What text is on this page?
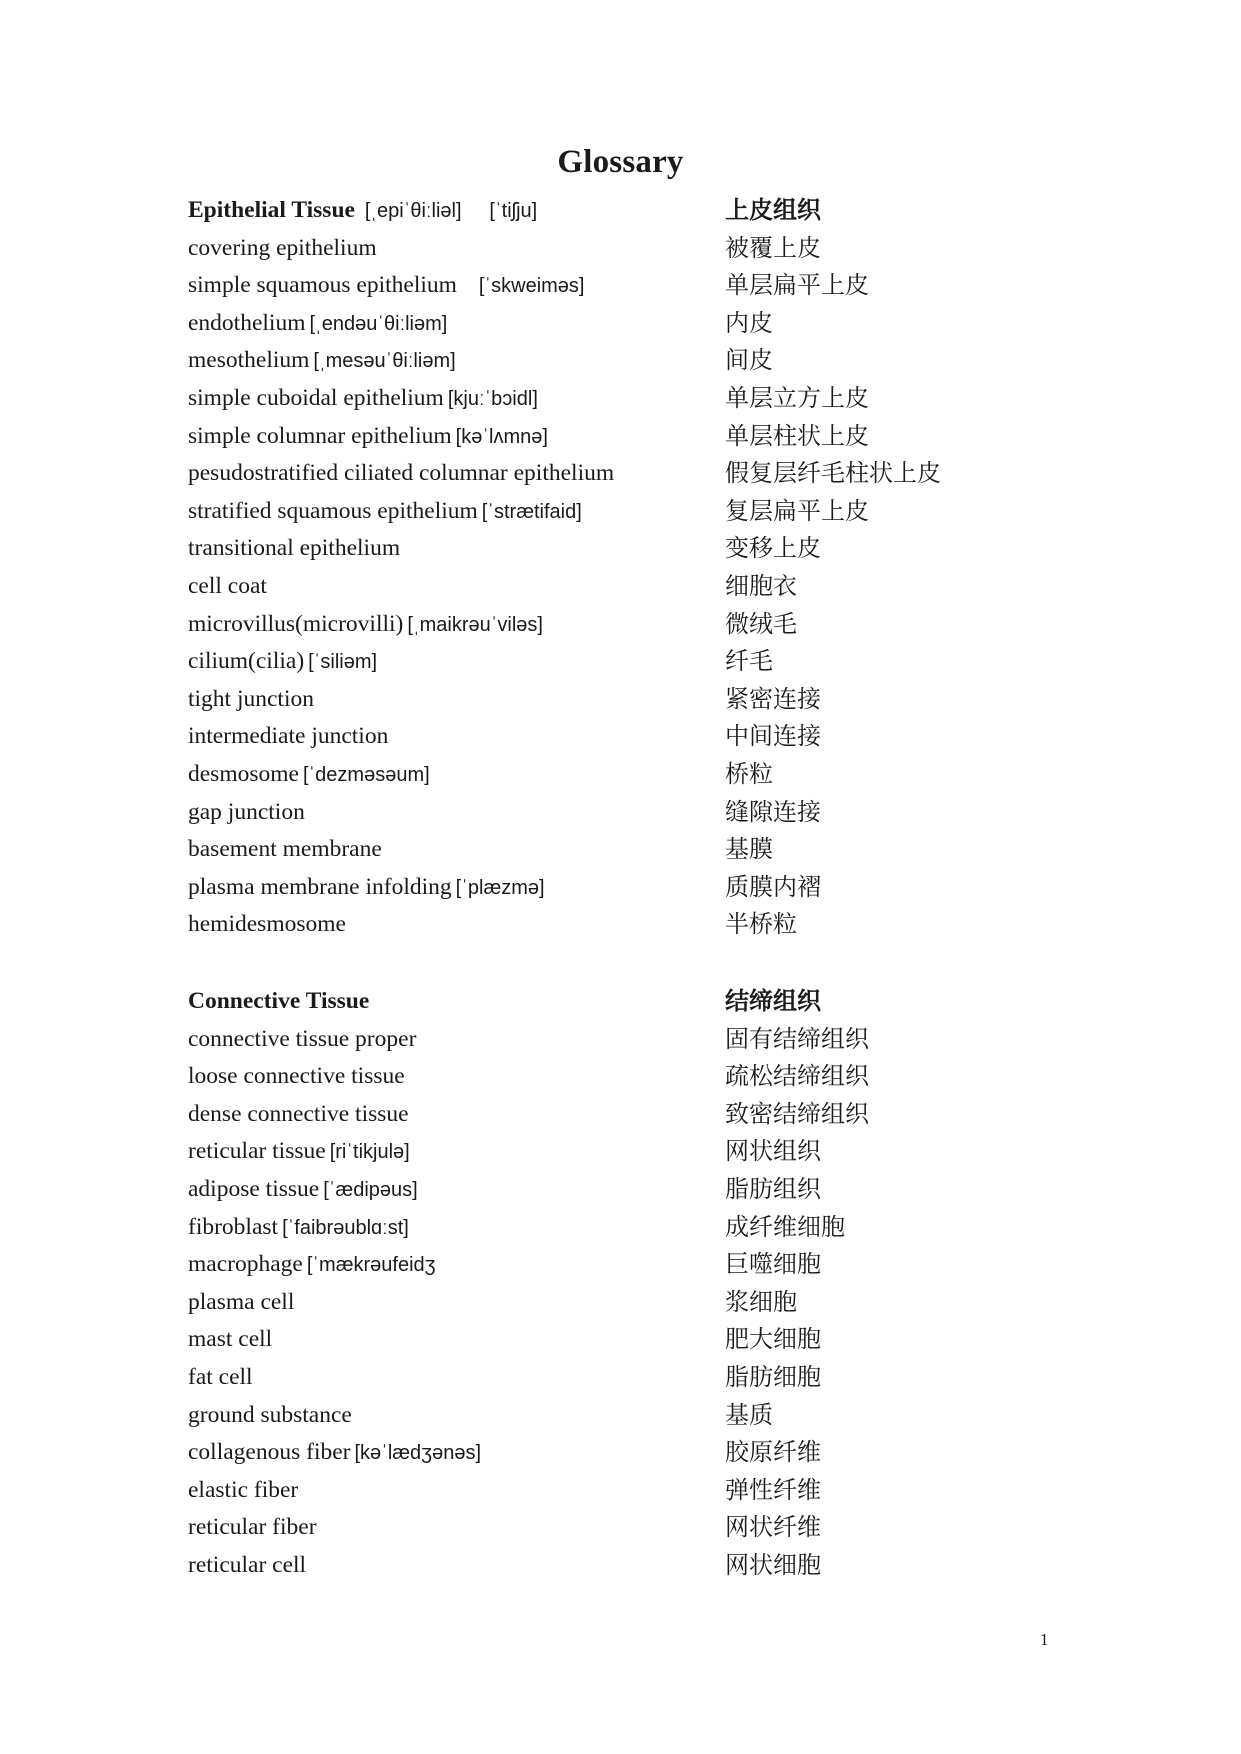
Glossary
Epithelial Tissue [ˌepiˈθiːliəl] [ˈtiʃju]	上皮组织
covering epithelium	被覆上皮
simple squamous epithelium [ˈskweiməs]	单层扁平上皮
endothelium [ˌendəuˈθiːliəm]	内皮
mesothelium [ˌmesəuˈθiːliəm]	间皮
simple cuboidal epithelium [kjuːˈbɔidl]	单层立方上皮
simple columnar epithelium [kəˈlʌmnə]	单层柱状上皮
pesudostratified ciliated columnar epithelium	假复层纤毛柱状上皮
stratified squamous epithelium [ˈstrætifaid]	复层扁平上皮
transitional epithelium	变移上皮
cell coat	细胞衣
microvillus(microvilli) [ˌmaikrəuˈviləs]	微绒毛
cilium(cilia) [ˈsiliəm]	纤毛
tight junction	紧密连接
intermediate junction	中间连接
desmosome [ˈdezməsəum]	桥粒
gap junction	缝隙连接
basement membrane	基膜
plasma membrane infolding [ˈplæzmə]	质膜内褶
hemidesmosome	半桥粒
Connective Tissue	结缔组织
connective tissue proper	固有结缔组织
loose connective tissue	疏松结缔组织
dense connective tissue	致密结缔组织
reticular tissue [riˈtikjulə]	网状组织
adipose tissue [ˈædipəus]	脂肪组织
fibroblast [ˈfaibrəublɑːst]	成纤维细胞
macrophage [ˈmækrəufeidʒ	巨噬细胞
plasma cell	浆细胞
mast cell	肥大细胞
fat cell	脂肪细胞
ground substance	基质
collagenous fiber [kəˈlædʒənəs]	胶原纤维
elastic fiber	弹性纤维
reticular fiber	网状纤维
reticular cell	网状细胞
1
